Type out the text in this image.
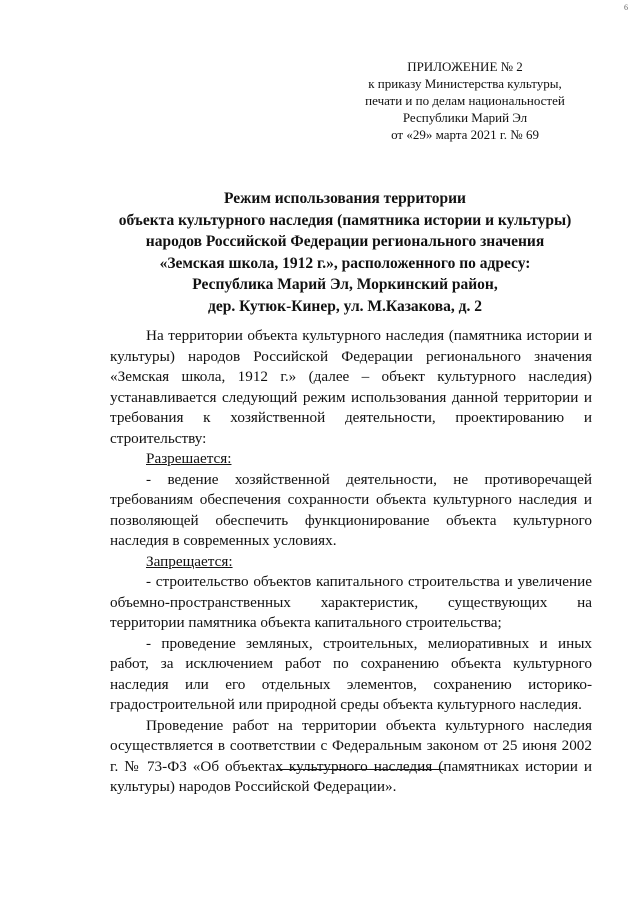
6
ПРИЛОЖЕНИЕ № 2
к приказу Министерства культуры,
печати и по делам национальностей
Республики Марий Эл
от «29» марта 2021 г. № 69
Режим использования территории
объекта культурного наследия (памятника истории и культуры)
народов Российской Федерации регионального значения
«Земская школа, 1912 г.», расположенного по адресу:
Республика Марий Эл, Моркинский район,
дер. Кутюк-Кинер, ул. М.Казакова, д. 2

На территории объекта культурного наследия (памятника истории и культуры) народов Российской Федерации регионального значения «Земская школа, 1912 г.» (далее – объект культурного наследия) устанавливается следующий режим использования данной территории и требования к хозяйственной деятельности, проектированию и строительству:

Разрешается:

- ведение хозяйственной деятельности, не противоречащей требованиям обеспечения сохранности объекта культурного наследия и позволяющей обеспечить функционирование объекта культурного наследия в современных условиях.

Запрещается:

- строительство объектов капитального строительства и увеличение объемно-пространственных характеристик, существующих на территории памятника объекта капитального строительства;

- проведение земляных, строительных, мелиоративных и иных работ, за исключением работ по сохранению объекта культурного наследия или его отдельных элементов, сохранению историко-градостроительной или природной среды объекта культурного наследия.

Проведение работ на территории объекта культурного наследия осуществляется в соответствии с Федеральным законом от 25 июня 2002 г. № 73-ФЗ «Об объектах культурного наследия (памятниках истории и культуры) народов Российской Федерации».
